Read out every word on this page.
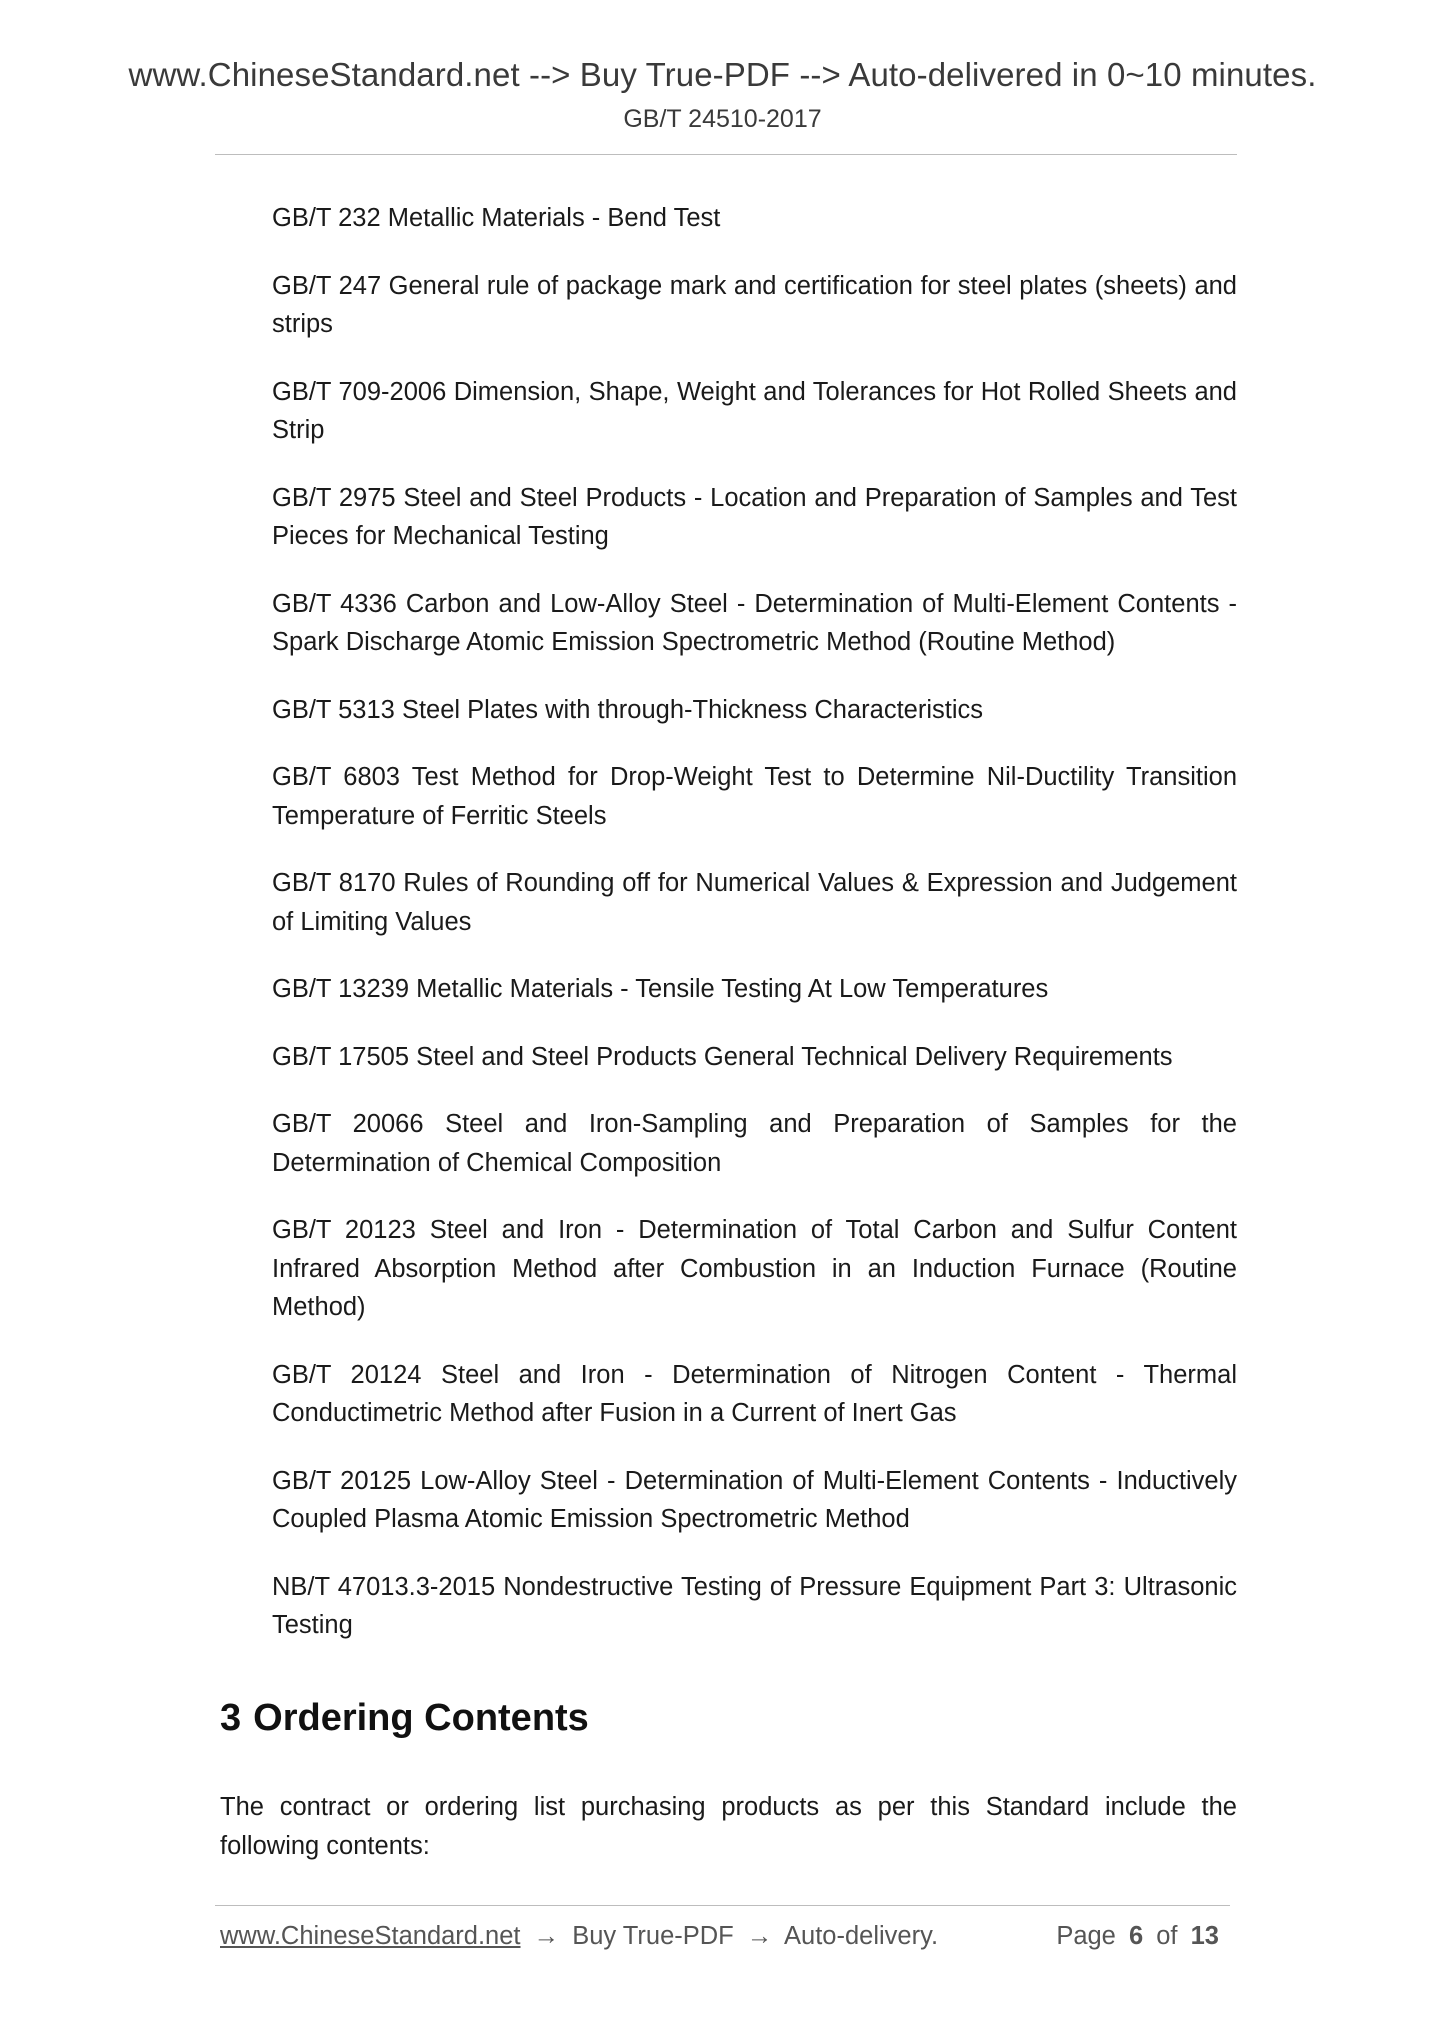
www.ChineseStandard.net --> Buy True-PDF --> Auto-delivered in 0~10 minutes.
GB/T 24510-2017
GB/T 232 Metallic Materials - Bend Test
GB/T 247 General rule of package mark and certification for steel plates (sheets) and strips
GB/T 709-2006 Dimension, Shape, Weight and Tolerances for Hot Rolled Sheets and Strip
GB/T 2975 Steel and Steel Products - Location and Preparation of Samples and Test Pieces for Mechanical Testing
GB/T 4336 Carbon and Low-Alloy Steel - Determination of Multi-Element Contents -Spark Discharge Atomic Emission Spectrometric Method (Routine Method)
GB/T 5313 Steel Plates with through-Thickness Characteristics
GB/T 6803 Test Method for Drop-Weight Test to Determine Nil-Ductility Transition Temperature of Ferritic Steels
GB/T 8170 Rules of Rounding off for Numerical Values & Expression and Judgement of Limiting Values
GB/T 13239 Metallic Materials - Tensile Testing At Low Temperatures
GB/T 17505 Steel and Steel Products General Technical Delivery Requirements
GB/T 20066 Steel and Iron-Sampling and Preparation of Samples for the Determination of Chemical Composition
GB/T 20123 Steel and Iron - Determination of Total Carbon and Sulfur Content Infrared Absorption Method after Combustion in an Induction Furnace (Routine Method)
GB/T 20124 Steel and Iron - Determination of Nitrogen Content - Thermal Conductimetric Method after Fusion in a Current of Inert Gas
GB/T 20125 Low-Alloy Steel - Determination of Multi-Element Contents - Inductively Coupled Plasma Atomic Emission Spectrometric Method
NB/T 47013.3-2015 Nondestructive Testing of Pressure Equipment Part 3: Ultrasonic Testing
3 Ordering Contents

The contract or ordering list purchasing products as per this Standard include the following contents:

www.ChineseStandard.net → Buy True-PDF → Auto-delivery.	Page 6 of 13
